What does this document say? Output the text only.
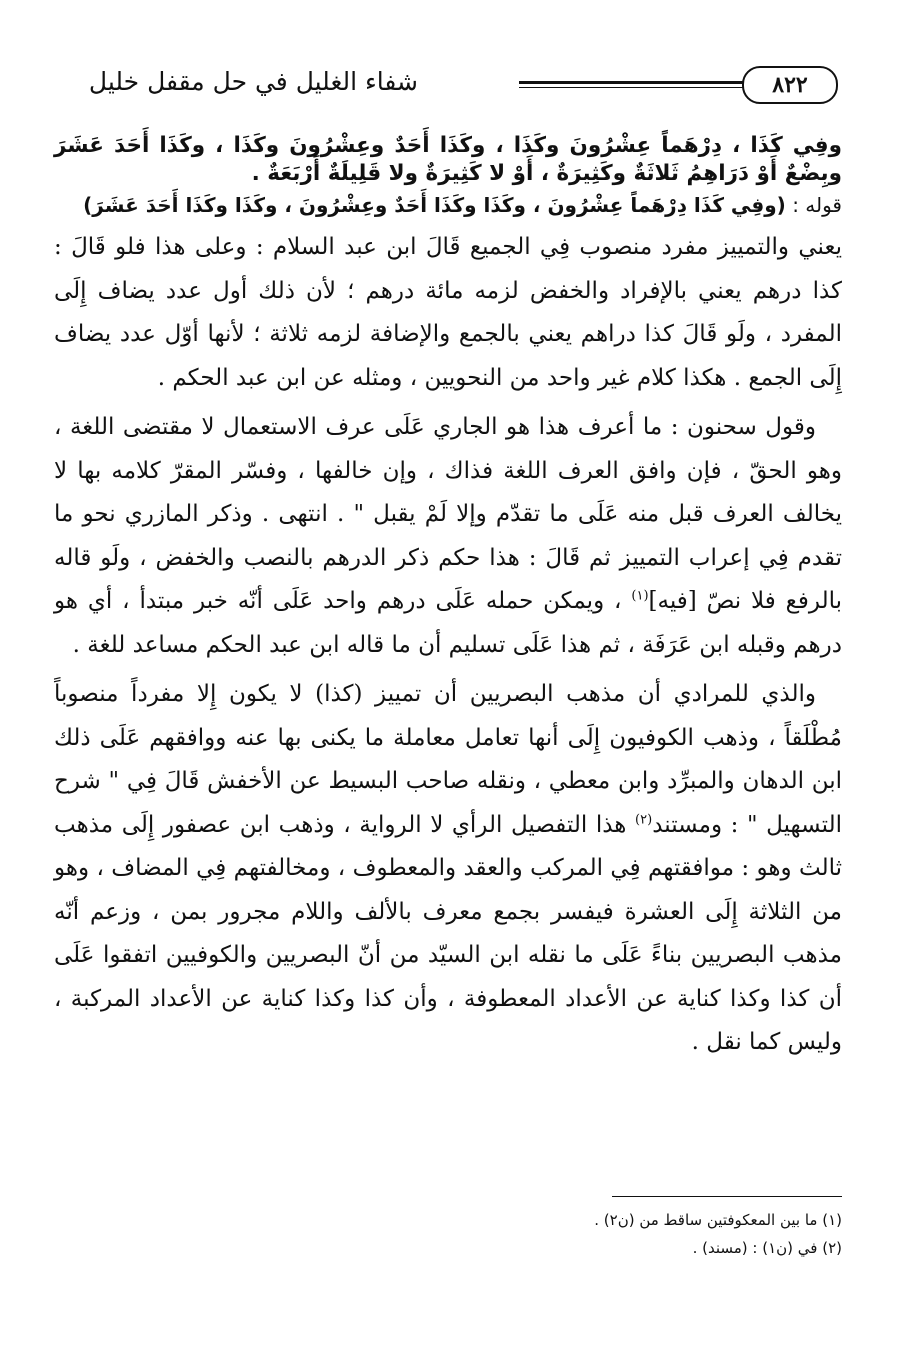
٨٢٢
شفاء الغليل في حل مقفل خليل

وفِي كَذَا ، دِرْهَماً عِشْرُونَ وكَذَا ، وكَذَا أَحَدٌ وعِشْرُونَ وكَذَا ، وكَذَا أَحَدَ عَشَرَ وبِضْعٌ أَوْ دَرَاهِمُ ثَلاثَةٌ وكَثِيرَةٌ ، أَوْ لا كَثِيرَةٌ ولا قَلِيلَةٌ أَرْبَعَةٌ .

قوله : (وفِي كَذَا دِرْهَماً عِشْرُونَ ، وكَذَا وكَذَا أَحَدٌ وعِشْرُونَ ، وكَذَا وكَذَا أَحَدَ عَشَرَ)

يعني والتمييز مفرد منصوب فِي الجميع قَالَ ابن عبد السلام : وعلى هذا فلو قَالَ : كذا درهم يعني بالإفراد والخفض لزمه مائة درهم ؛ لأن ذلك أول عدد يضاف إِلَى المفرد ، ولَو قَالَ كذا دراهم يعني بالجمع والإضافة لزمه ثلاثة ؛ لأنها أوّل عدد يضاف إِلَى الجمع . هكذا كلام غير واحد من النحويين ، ومثله عن ابن عبد الحكم .

وقول سحنون : ما أعرف هذا هو الجاري عَلَى عرف الاستعمال لا مقتضى اللغة ، وهو الحقّ ، فإن وافق العرف اللغة فذاك ، وإن خالفها ، وفسّر المقرّ كلامه بها لا يخالف العرف قبل منه عَلَى ما تقدّم وإلا لَمْ يقبل " . انتهى . وذكر المازري نحو ما تقدم فِي إعراب التمييز ثم قَالَ : هذا حكم ذكر الدرهم بالنصب والخفض ، ولَو قاله بالرفع فلا نصّ [فيه]$^{(١)}$ ، ويمكن حمله عَلَى درهم واحد عَلَى أنّه خبر مبتدأ ، أي هو درهم وقبله ابن عَرَفَة ، ثم هذا عَلَى تسليم أن ما قاله ابن عبد الحكم مساعد للغة .

والذي للمرادي أن مذهب البصريين أن تمييز (كذا) لا يكون إِلا مفرداً منصوباً مُطْلَقاً ، وذهب الكوفيون إِلَى أنها تعامل معاملة ما يكنى بها عنه ووافقهم عَلَى ذلك ابن الدهان والمبرِّد وابن معطي ، ونقله صاحب البسيط عن الأخفش قَالَ فِي " شرح التسهيل " : ومستند$^{(٢)}$ هذا التفصيل الرأي لا الرواية ، وذهب ابن عصفور إِلَى مذهب ثالث وهو : موافقتهم فِي المركب والعقد والمعطوف ، ومخالفتهم فِي المضاف ، وهو من الثلاثة إِلَى العشرة فيفسر بجمع معرف بالألف واللام مجرور بمن ، وزعم أنّه مذهب البصريين بناءً عَلَى ما نقله ابن السيّد من أنّ البصريين والكوفيين اتفقوا عَلَى أن كذا وكذا كناية عن الأعداد المعطوفة ، وأن كذا وكذا كناية عن الأعداد المركبة ، وليس كما نقل .

(١) ما بين المعكوفتين ساقط من (ن٢) .

(٢) في (ن١) : (مسند) .
